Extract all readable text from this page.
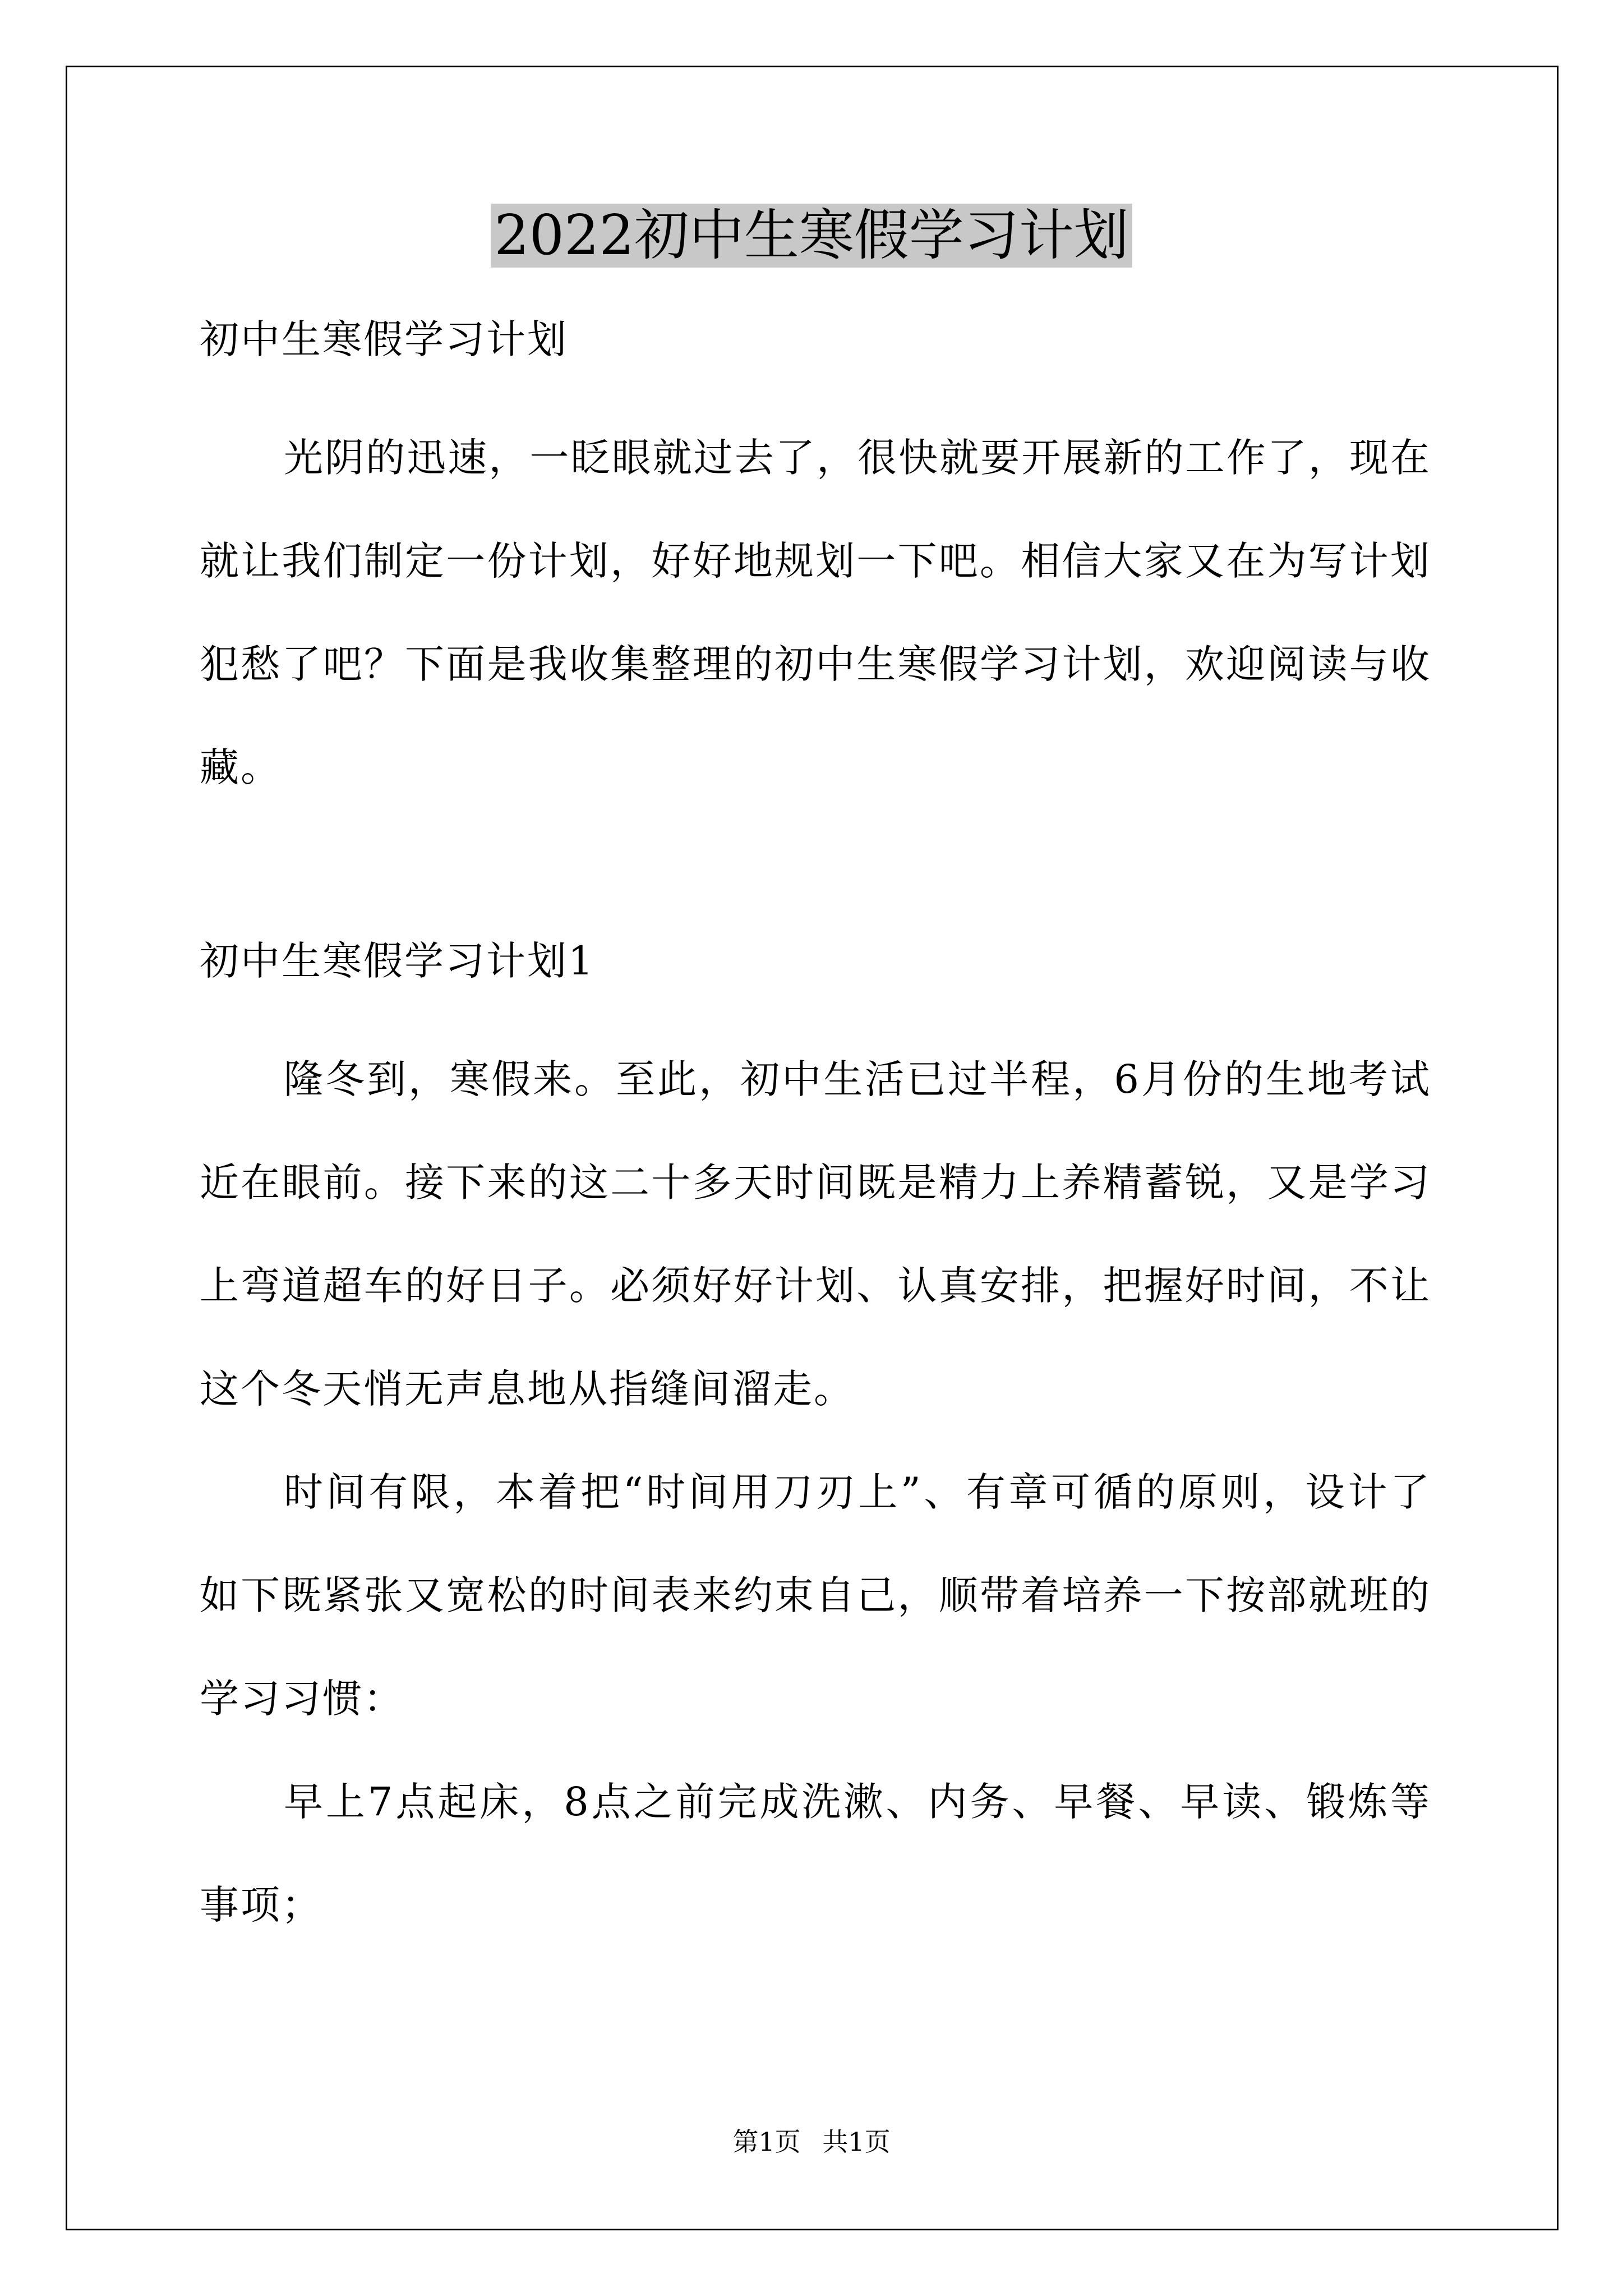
2022初中生寒假学习计划
初中生寒假学习计划

光阴的迅速，一眨眼就过去了，很快就要开展新的工作了，现在就让我们制定一份计划，好好地规划一下吧。相信大家又在为写计划犯愁了吧？下面是我收集整理的初中生寒假学习计划，欢迎阅读与收藏。

初中生寒假学习计划1

隆冬到，寒假来。至此，初中生活已过半程，6月份的生地考试近在眼前。接下来的这二十多天时间既是精力上养精蓄锐，又是学习上弯道超车的好日子。必须好好计划、认真安排，把握好时间，不让这个冬天悄无声息地从指缝间溜走。

时间有限，本着把“时间用刀刃上”、有章可循的原则，设计了如下既紧张又宽松的时间表来约束自己，顺带着培养一下按部就班的学习习惯：

早上7点起床，8点之前完成洗漱、内务、早餐、早读、锻炼等事项；

第1页 共1页
